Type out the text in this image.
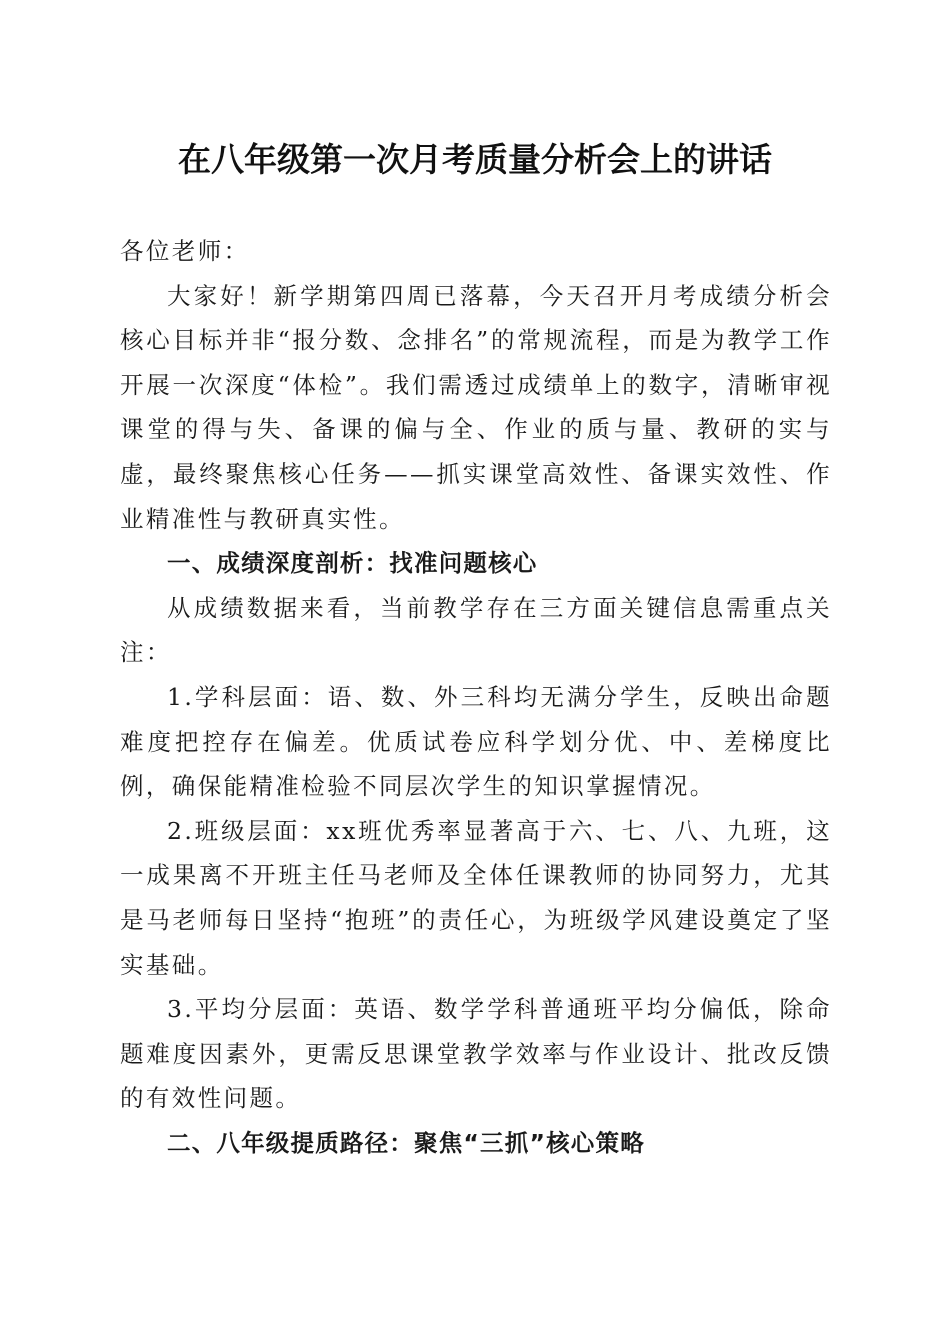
在八年级第一次月考质量分析会上的讲话

各位老师：

大家好！新学期第四周已落幕，今天召开月考成绩分析会核心目标并非“报分数、念排名”的常规流程，而是为教学工作开展一次深度“体检”。我们需透过成绩单上的数字，清晰审视课堂的得与失、备课的偏与全、作业的质与量、教研的实与虚，最终聚焦核心任务——抓实课堂高效性、备课实效性、作业精准性与教研真实性。

一、成绩深度剖析：找准问题核心

从成绩数据来看，当前教学存在三方面关键信息需重点关注：

1.学科层面：语、数、外三科均无满分学生，反映出命题难度把控存在偏差。优质试卷应科学划分优、中、差梯度比例，确保能精准检验不同层次学生的知识掌握情况。

2.班级层面：xx班优秀率显著高于六、七、八、九班，这一成果离不开班主任马老师及全体任课教师的协同努力，尤其是马老师每日坚持“抱班”的责任心，为班级学风建设奠定了坚实基础。

3.平均分层面：英语、数学学科普通班平均分偏低，除命题难度因素外，更需反思课堂教学效率与作业设计、批改反馈的有效性问题。

二、八年级提质路径：聚焦“三抓”核心策略
